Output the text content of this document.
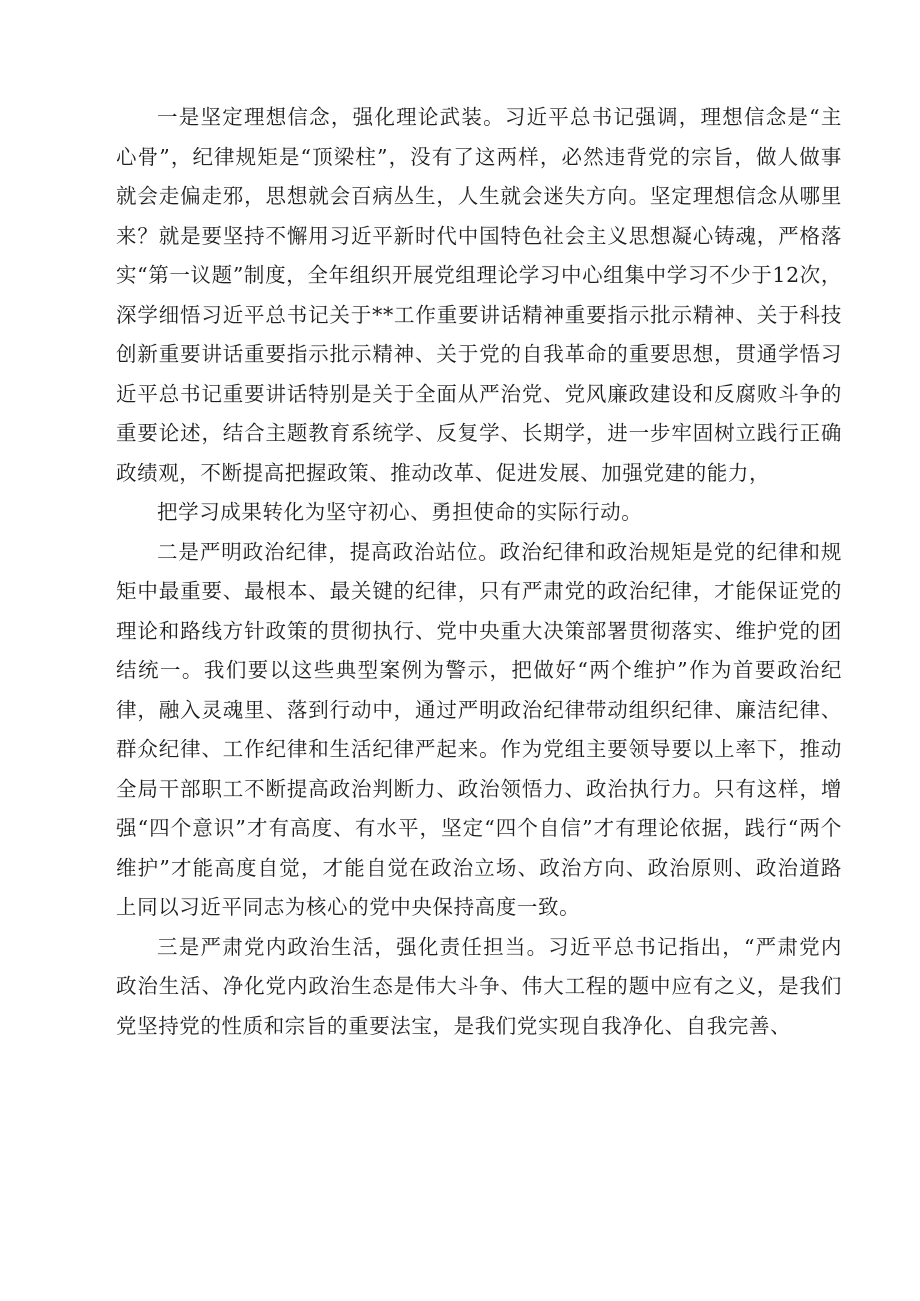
一是坚定理想信念，强化理论武装。习近平总书记强调，理想信念是“主心骨”，纪律规矩是“顶梁柱”，没有了这两样，必然违背党的宗旨，做人做事就会走偏走邪，思想就会百病丛生，人生就会迷失方向。坚定理想信念从哪里来？就是要坚持不懈用习近平新时代中国特色社会主义思想凝心铸魂，严格落实“第一议题”制度，全年组织开展党组理论学习中心组集中学习不少于12次，深学细悟习近平总书记关于**工作重要讲话精神重要指示批示精神、关于科技创新重要讲话重要指示批示精神、关于党的自我革命的重要思想，贯通学悟习近平总书记重要讲话特别是关于全面从严治党、党风廉政建设和反腐败斗争的重要论述，结合主题教育系统学、反复学、长期学，进一步牢固树立践行正确政绩观，不断提高把握政策、推动改革、促进发展、加强党建的能力，

把学习成果转化为坚守初心、勇担使命的实际行动。

二是严明政治纪律，提高政治站位。政治纪律和政治规矩是党的纪律和规矩中最重要、最根本、最关键的纪律，只有严肃党的政治纪律，才能保证党的理论和路线方针政策的贯彻执行、党中央重大决策部署贯彻落实、维护党的团结统一。我们要以这些典型案例为警示，把做好“两个维护”作为首要政治纪律，融入灵魂里、落到行动中，通过严明政治纪律带动组织纪律、廉洁纪律、群众纪律、工作纪律和生活纪律严起来。作为党组主要领导要以上率下，推动全局干部职工不断提高政治判断力、政治领悟力、政治执行力。只有这样，增强“四个意识”才有高度、有水平，坚定“四个自信”才有理论依据，践行“两个维护”才能高度自觉，才能自觉在政治立场、政治方向、政治原则、政治道路上同以习近平同志为核心的党中央保持高度一致。

三是严肃党内政治生活，强化责任担当。习近平总书记指出，“严肃党内政治生活、净化党内政治生态是伟大斗争、伟大工程的题中应有之义，是我们党坚持党的性质和宗旨的重要法宝，是我们党实现自我净化、自我完善、
